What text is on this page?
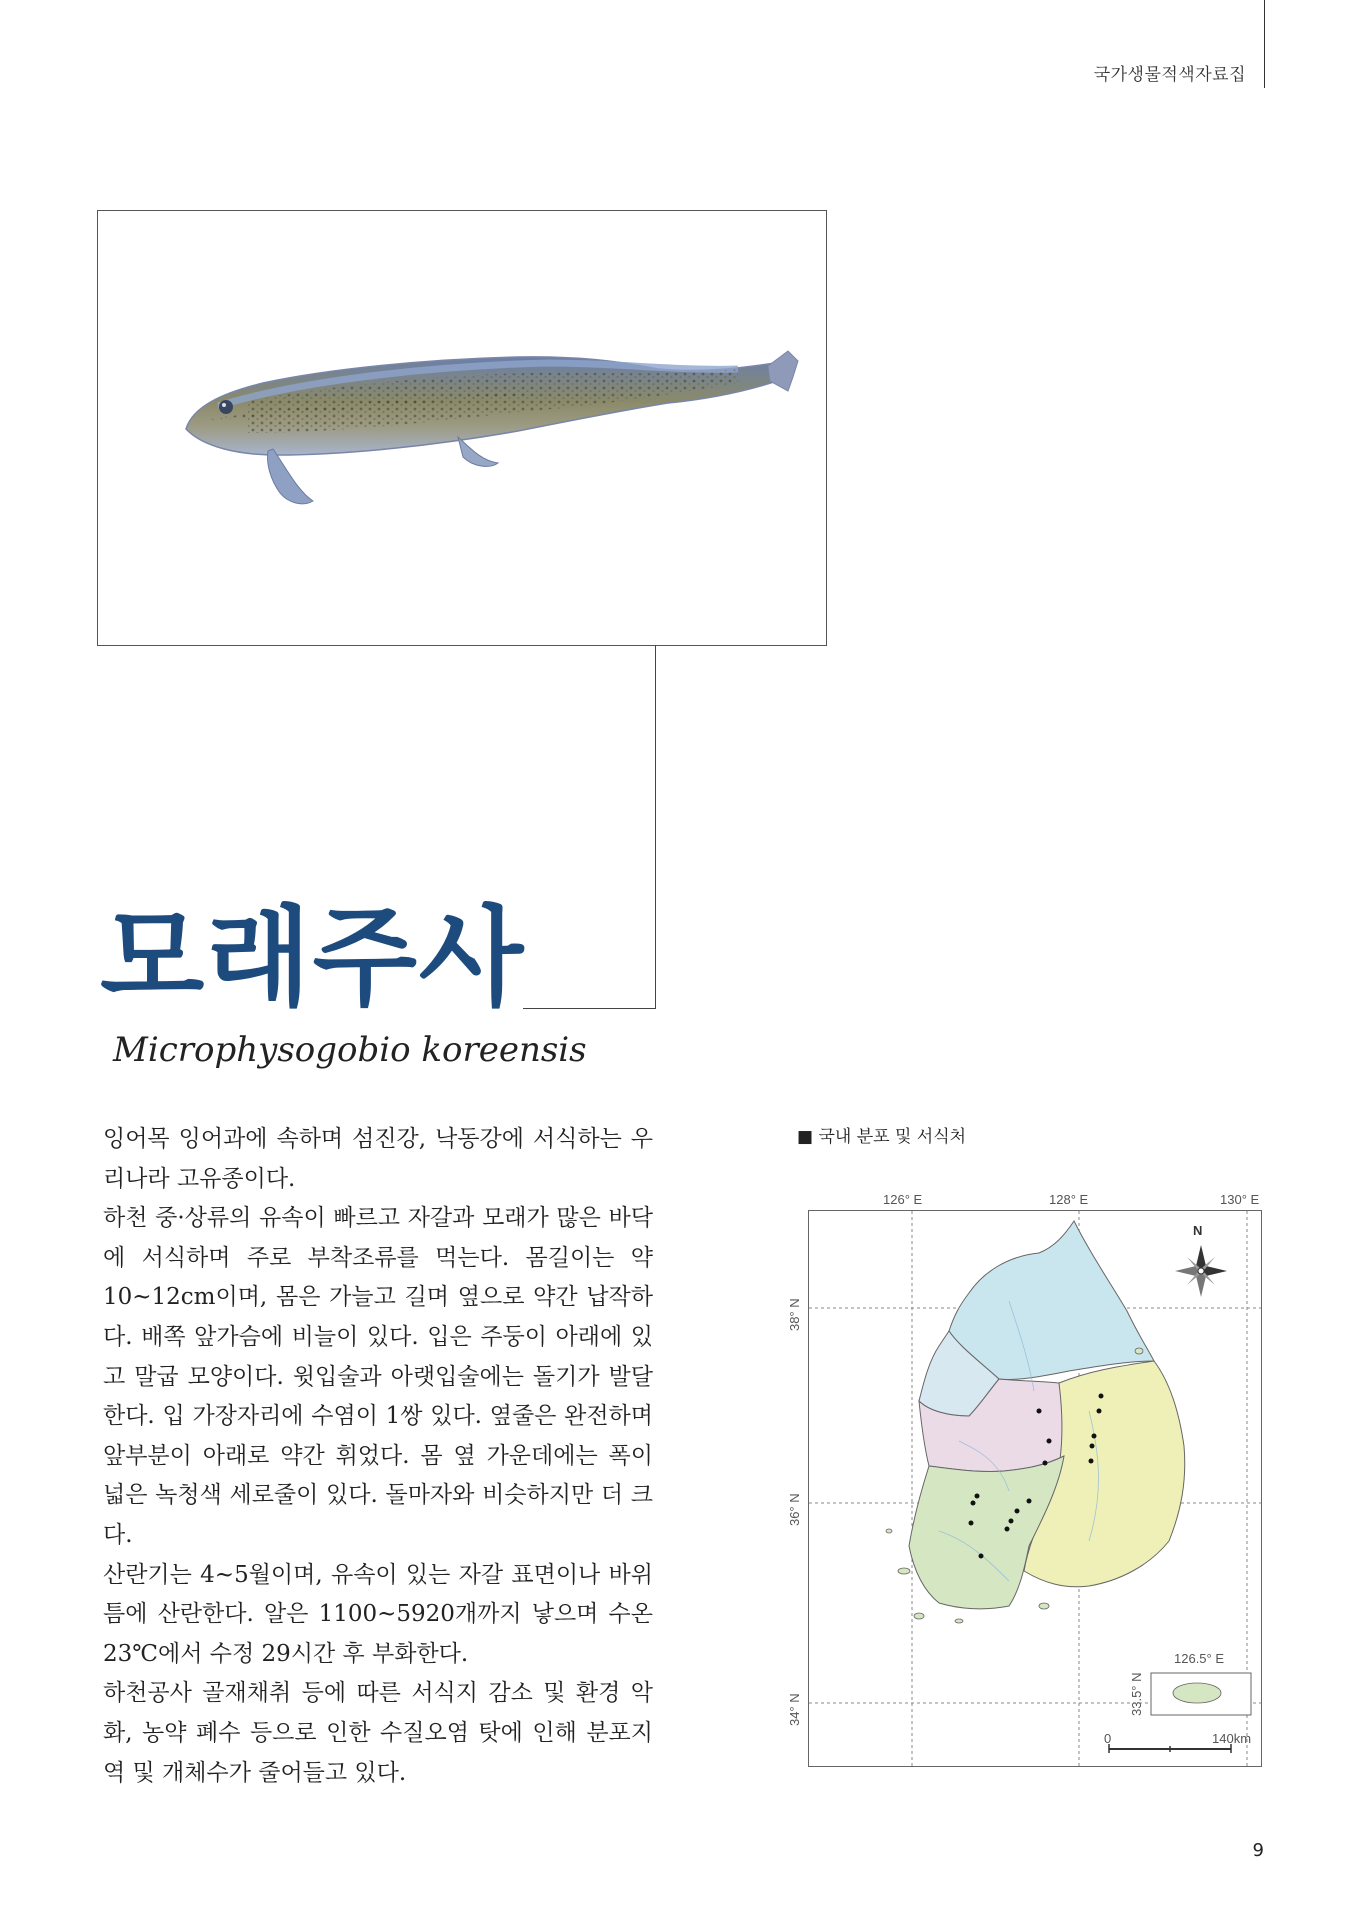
국가생물적색자료집
모래주사
Microphysogobio koreensis

잉어목 잉어과에 속하며 섬진강, 낙동강에 서식하는 우리나라 고유종이다.

하천 중·상류의 유속이 빠르고 자갈과 모래가 많은 바닥에 서식하며 주로 부착조류를 먹는다. 몸길이는 약 10~12cm이며, 몸은 가늘고 길며 옆으로 약간 납작하다. 배쪽 앞가슴에 비늘이 있다. 입은 주둥이 아래에 있고 말굽 모양이다. 윗입술과 아랫입술에는 돌기가 발달한다. 입 가장자리에 수염이 1쌍 있다. 옆줄은 완전하며 앞부분이 아래로 약간 휘었다. 몸 옆 가운데에는 폭이 넓은 녹청색 세로줄이 있다. 돌마자와 비슷하지만 더 크다.

산란기는 4~5월이며, 유속이 있는 자갈 표면이나 바위틈에 산란한다. 알은 1100~5920개까지 낳으며 수온 23℃에서 수정 29시간 후 부화한다.

하천공사 골재채취 등에 따른 서식지 감소 및 환경 악화, 농약 폐수 등으로 인한 수질오염 탓에 인해 분포지역 및 개체수가 줄어들고 있다.

■ 국내 분포 및 서식처
126° E	128° E	130° E
N
126.5° E
33.5° N
0	140km
38° N
36° N
34° N
9
